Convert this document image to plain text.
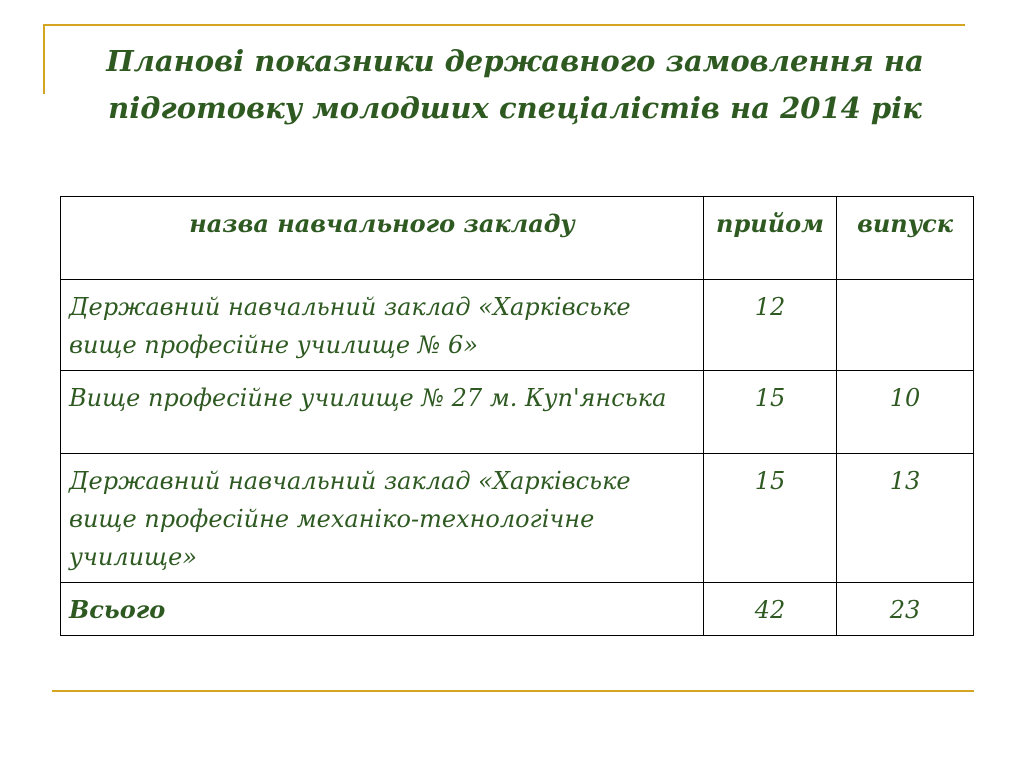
Планові показники державного замовлення на підготовку молодших спеціалістів на 2014 рік
назва навчального закладу	прийом	випуск
Державний навчальний заклад «Харківське вище професійне училище № 6»	12	
Вище професійне училище № 27 м. Куп'янська	15	10
Державний навчальний заклад «Харківське вище професійне механіко-технологічне училище»	15	13
Всього	42	23
